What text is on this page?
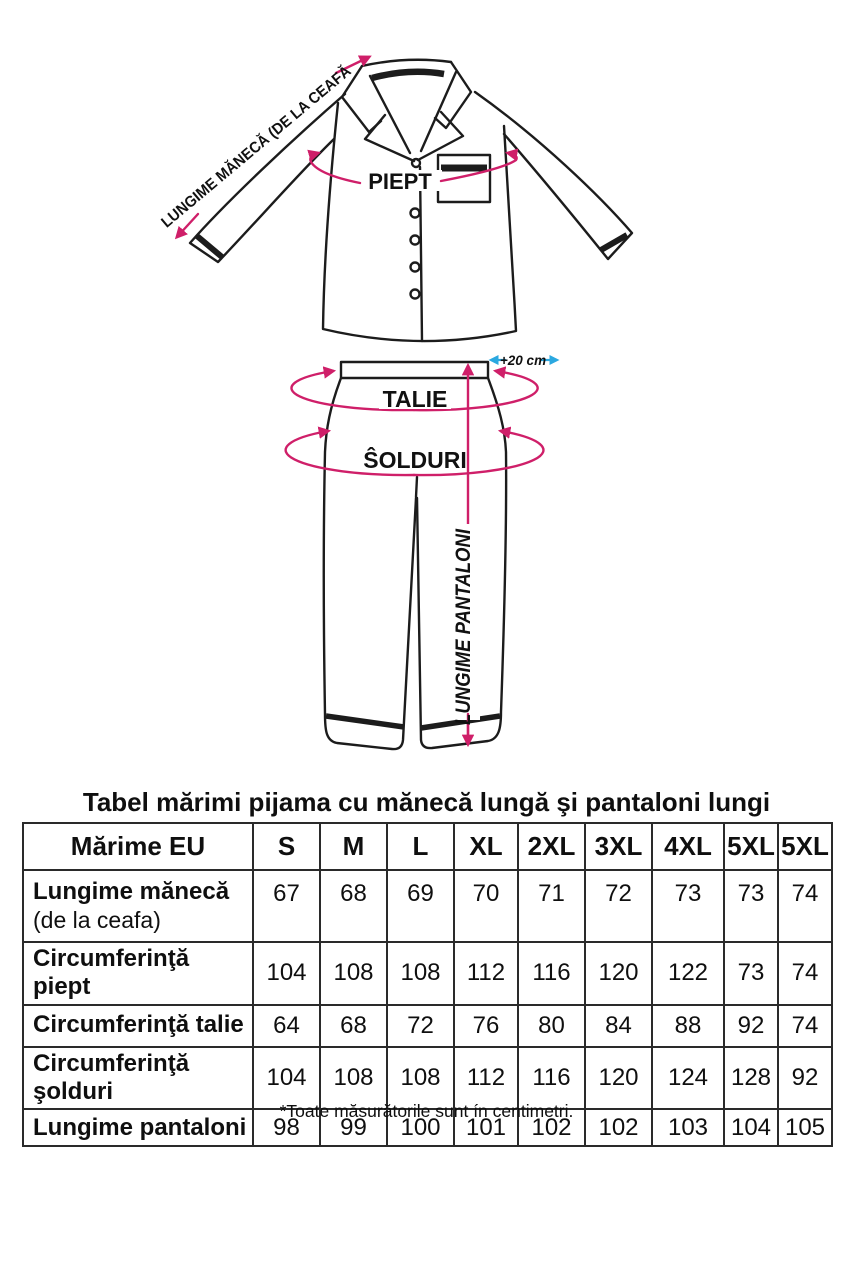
PIEPT
LUNGIME MĂNECĂ (DE LA CEAFĂ
TALIE
ŜOLDURI
LUNGIME PANTALONI
+20 cm
Tabel mărimi pijama cu mănecă lungă şi pantaloni lungi
Mărime EU	S	M	L	XL	2XL	3XL	4XL	5XL	5XL
Lungime mănecă
(de la ceafa)	67	68	69	70	71	72	73	73	74
Circumferinţă piept	104	108	108	112	116	120	122	73	74
Circumferinţă talie	64	68	72	76	80	84	88	92	74
Circumferinţă şolduri	104	108	108	112	116	120	124	128	92
Lungime pantaloni	98	99	100	101	102	102	103	104	105
*Toate măsurătorile sunt ín centimetri.
